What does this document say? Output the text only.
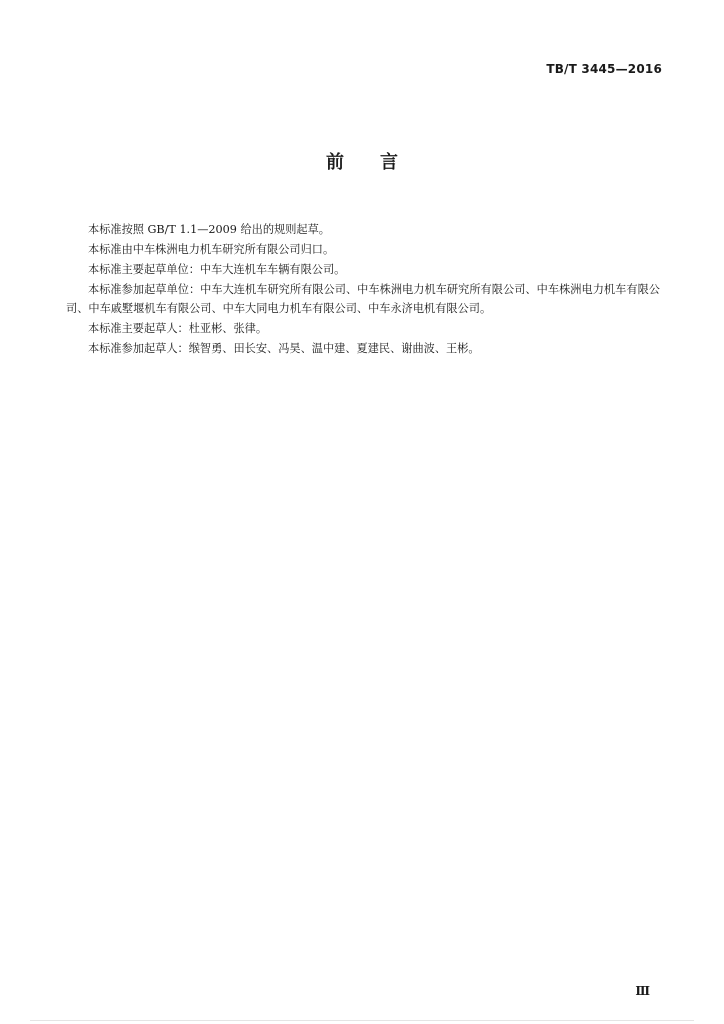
TB/T 3445—2016
前言

本标准按照 GB/T 1.1—2009 给出的规则起草。

本标准由中车株洲电力机车研究所有限公司归口。

本标准主要起草单位：中车大连机车车辆有限公司。

本标准参加起草单位：中车大连机车研究所有限公司、中车株洲电力机车研究所有限公司、中车株洲电力机车有限公司、中车戚墅堰机车有限公司、中车大同电力机车有限公司、中车永济电机有限公司。

本标准主要起草人：杜亚彬、张律。

本标准参加起草人：缑智勇、田长安、冯昊、温中建、夏建民、谢曲波、王彬。

Ⅲ
